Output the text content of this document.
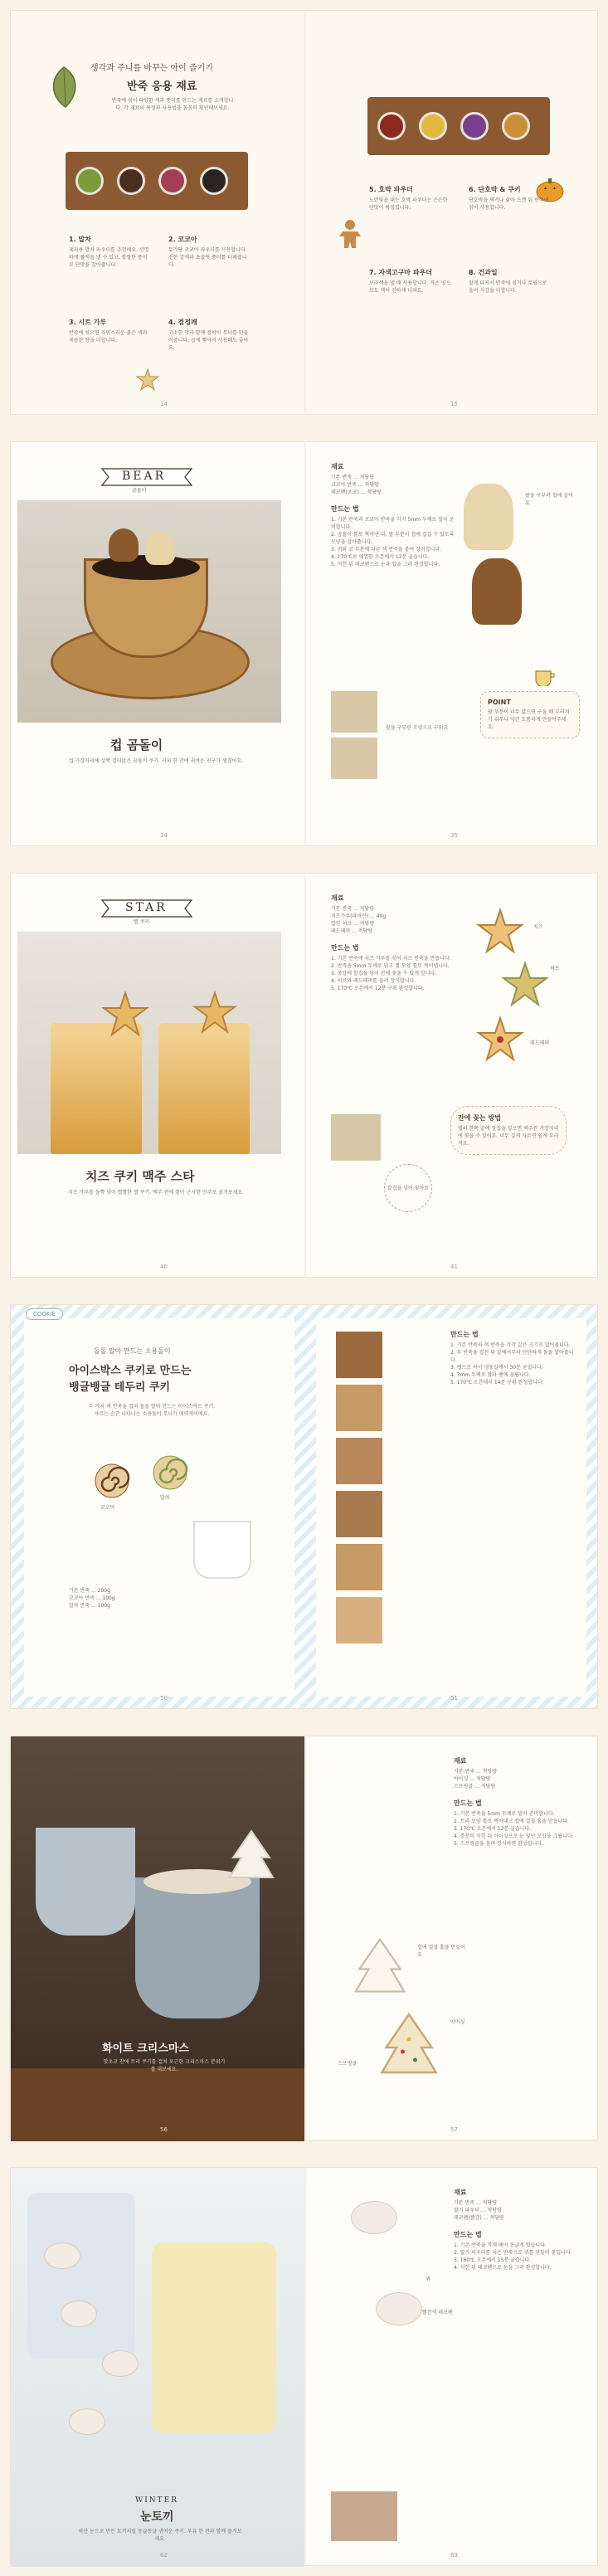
생각과 주니를 바꾸는 아이 즐기기
반죽 응용 재료
반죽에 섞어 다양한 색과 풍미를 만드는 재료를 소개합니다. 각 재료의 특징과 사용법을 꼼꼼히 확인해보세요.
1. 말차
제과용 말차 파우더를 추천해요. 선명하게 풀색을 낼 수 있고, 쌉쌀한 풍미로 단맛을 잡아줍니다.
2. 코코아
무가당 코코아 파우더를 사용합니다. 진한 갈색과 초콜릿 풍미를 더해줍니다.
3. 시트 가루
반죽에 섞으면 자연스러운 붉은 색과 새콤한 향을 더합니다.
4. 검정깨
고소한 맛과 함께 점박이 무늬를 만들어줍니다. 곱게 빻아서 사용해도 좋아요.
14
5. 호박 파우더
노란빛을 내는 호박 파우더는 은은한 단맛이 특징입니다.
6. 단호박 & 쿠키
단호박을 찌거나 삶아 으깬 뒤 반죽에 섞어 사용합니다.
7. 자색고구마 파우더
보라색을 낼 때 사용합니다. 적은 양으로도 색이 진하게 나와요.
8. 건과일
잘게 다져서 반죽에 섞거나 토핑으로 올려 식감을 더합니다.
15
BEAR
곰돌이
컵 곰돌이
컵 가장자리에 살짝 걸터앉은 곰돌이 쿠키. 커피 한 잔에 귀여운 친구가 생겼어요.
34
재료
기본 반죽 ... 적당량
코코아 반죽 ... 적당량
데코펜(초코) ... 적당량
만드는 법
1. 기본 반죽과 코코아 반죽을 각각 5mm 두께로 밀어 준비합니다.
2. 곰돌이 틀로 찍어낸 뒤, 팔 부분이 컵에 걸칠 수 있도록 모양을 잡아줍니다.
3. 귀와 코 부분에 다른 색 반죽을 붙여 장식합니다.
4. 170℃로 예열한 오븐에서 12분 굽습니다.
5. 식힌 뒤 데코펜으로 눈과 입을 그려 완성합니다.
팔을 구부린 모양으로 구워요
팔을 구부려 컵에 걸어요
POINT
팔 부분이 너무 얇으면 구울 때 부러지기 쉬우니 약간 도톰하게 만들어주세요.
35
STAR
별 쿠키
치즈 쿠키 맥주 스타
치즈 가루를 듬뿍 넣어 짭짤한 별 쿠키. 맥주 잔에 꽂아 근사한 안주로 즐겨보세요.
40
재료
기본 반죽 ... 적당량
치즈가루(파마산) ... 40g
말린 허브 ... 적당량
레드페퍼 ... 적당량
만드는 법
1. 기본 반죽에 치즈 가루를 섞어 치즈 반죽을 만듭니다.
2. 반죽을 5mm 두께로 밀고 별 모양 틀로 찍어냅니다.
3. 중앙에 칼집을 넣어 잔에 꽂을 수 있게 합니다.
4. 허브와 레드페퍼를 올려 장식합니다.
5. 170℃ 오븐에서 12분 구워 완성합니다.
치즈
허브
레드페퍼
잔에 꽂는 방법
별의 한쪽 끝에 칼집을 넣으면 맥주잔 가장자리에 꽂을 수 있어요. 너무 깊게 자르면 쉽게 부러져요.
칼집을 넣어 꽂아요
41
COOKIE
돌돌 말아 만드는 소용돌이
아이스박스 쿠키로 만드는
뱅글뱅글 테두리 쿠키
두 가지 색 반죽을 겹쳐 돌돌 말아 만드는 아이스박스 쿠키. 자르는 순간 나타나는 소용돌이 무늬가 매력적이에요.
코코아
말차
기본 반죽 ... 200g
코코아 반죽 ... 100g
말차 반죽 ... 100g
50

만드는 법
1. 기본 반죽과 색 반죽을 각각 같은 크기로 밀어줍니다.
2. 두 반죽을 겹친 뒤 끝에서부터 단단하게 돌돌 말아줍니다.
3. 랩으로 싸서 냉동실에서 30분 굳힙니다.
4. 7mm 두께로 잘라 팬에 올립니다.
5. 170℃ 오븐에서 14분 구워 완성합니다.
51
화이트 크리스마스
핫초코 잔에 트리 쿠키를 걸쳐 포근한 크리스마스 분위기를 내보세요.
56
재료
기본 반죽 ... 적당량
아이싱 ... 적당량
스프링클 ... 적당량
만드는 법
1. 기본 반죽을 5mm 두께로 밀어 준비합니다.
2. 트리 모양 틀로 찍어내고 컵에 걸칠 홈을 만듭니다.
3. 170℃ 오븐에서 12분 굽습니다.
4. 충분히 식힌 뒤 아이싱으로 눈 덮인 모양을 그립니다.
5. 스프링클을 올려 장식하면 완성입니다.
컵에 걸칠 홈을 만들어요
아이싱
스프링클
57
WINTER
눈토끼
하얀 눈으로 만든 토끼처럼 동글동글 귀여운 쿠키. 우유 한 잔과 함께 즐겨보세요.
62
재료
기본 반죽 ... 적당량
딸기 파우더 ... 적당량
데코펜(빨강) ... 적당량
만드는 법
1. 기본 반죽을 작게 떼어 동글게 빚습니다.
2. 딸기 파우더를 섞은 반죽으로 귀를 만들어 붙입니다.
3. 160℃ 오븐에서 15분 굽습니다.
4. 식힌 뒤 데코펜으로 눈을 그려 완성합니다.
귀
빨간색 데코펜
63
